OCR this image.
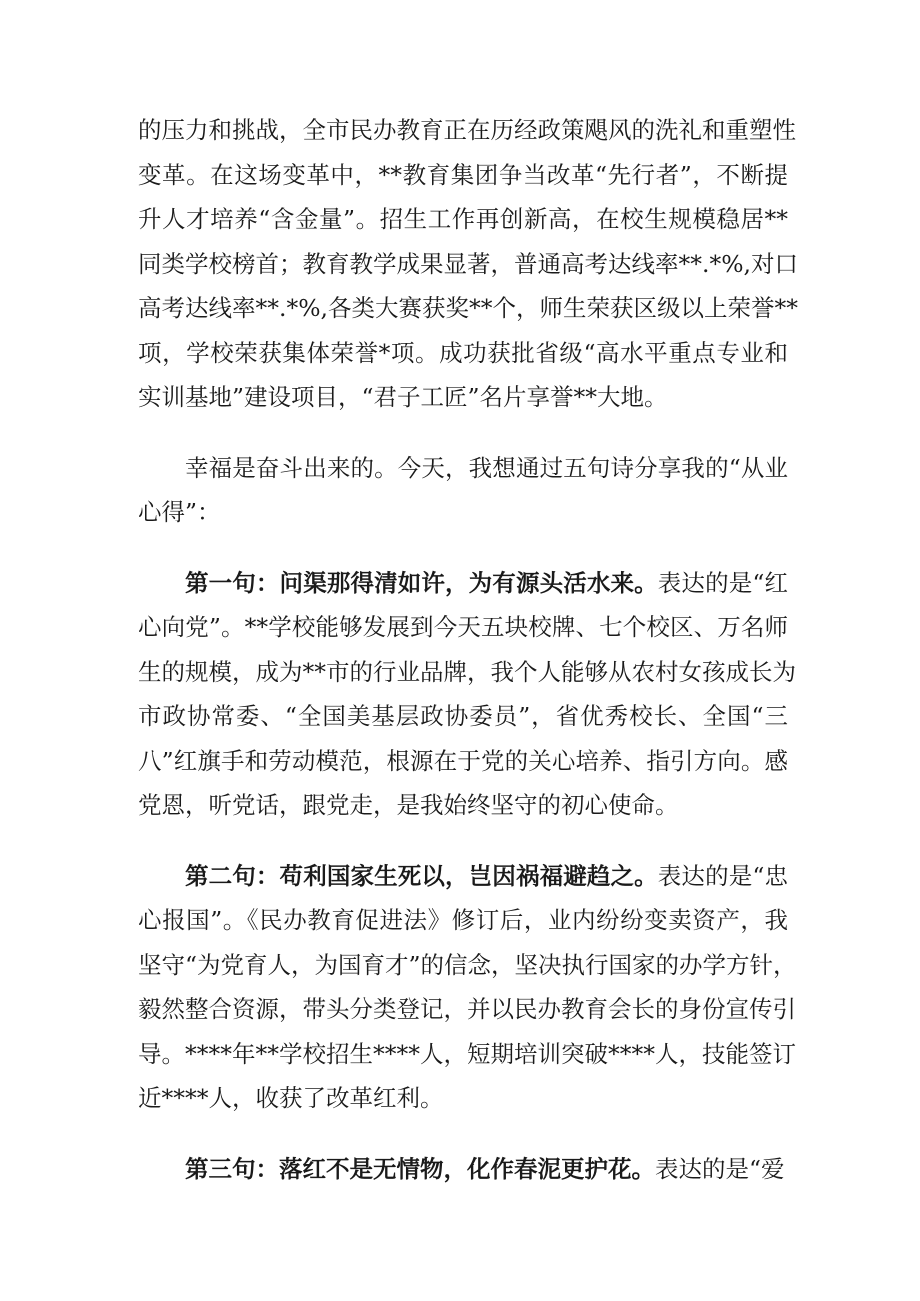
的压力和挑战，全市民办教育正在历经政策飓风的洗礼和重塑性
变革。在这场变革中，**教育集团争当改革“先行者”，不断提
升人才培养“含金量”。招生工作再创新高，在校生规模稳居**
同类学校榜首；教育教学成果显著，普通高考达线率**.*%,对口
高考达线率**.*%,各类大赛获奖**个，师生荣获区级以上荣誉**
项，学校荣获集体荣誉*项。成功获批省级“高水平重点专业和
实训基地”建设项目，“君子工匠”名片享誉**大地。
幸福是奋斗出来的。今天，我想通过五句诗分享我的“从业
心得”：
第一句：问渠那得清如许，为有源头活水来。表达的是“红
心向党”。**学校能够发展到今天五块校牌、七个校区、万名师
生的规模，成为**市的行业品牌，我个人能够从农村女孩成长为
市政协常委、“全国美基层政协委员”，省优秀校长、全国“三
八”红旗手和劳动模范，根源在于党的关心培养、指引方向。感
党恩，听党话，跟党走，是我始终坚守的初心使命。
第二句：苟利国家生死以，岂因祸福避趋之。表达的是“忠
心报国”。《民办教育促进法》修订后，业内纷纷变卖资产，我
坚守“为党育人，为国育才”的信念，坚决执行国家的办学方针，
毅然整合资源，带头分类登记，并以民办教育会长的身份宣传引
导。****年**学校招生****人，短期培训突破****人，技能签订
近****人，收获了改革红利。
第三句：落红不是无情物，化作春泥更护花。表达的是“爱
